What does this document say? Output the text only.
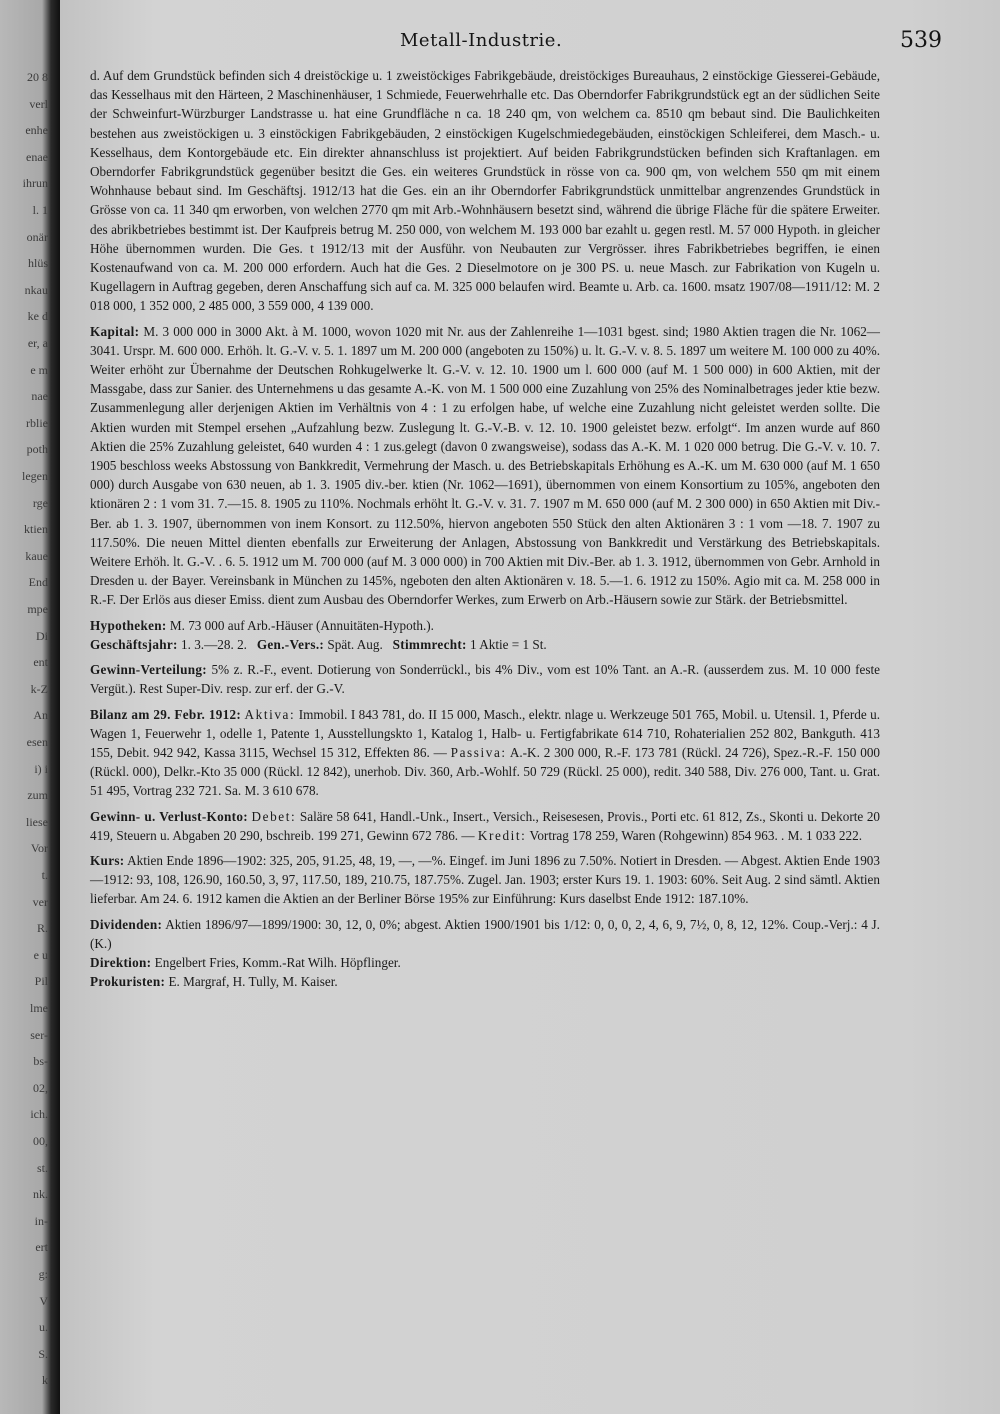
20 8
verl
enhe
enae
ihrun
l. 1
onär
hlüs
nkau
ke d
er, a
e m
nae
rblie
poth
legen
rge
ktien
kaue
End
mpe
Di
ent
k-Z
An
esen
i) i
zum
liese
Vor
t.
ver
R.
e u
Pil
lme
ser-
bs-
02,
ich.
00,
st.
nk.
in-
ert
g:
V
u.
S.
k
Metall-Industrie.	539

d. Auf dem Grundstück befinden sich 4 dreistöckige u. 1 zweistöckiges Fabrikgebäude, dreistöckiges Bureauhaus, 2 einstöckige Giesserei-Gebäude, das Kesselhaus mit den Härteen, 2 Maschinenhäuser, 1 Schmiede, Feuerwehrhalle etc. Das Oberndorfer Fabrikgrundstück egt an der südlichen Seite der Schweinfurt-Würzburger Landstrasse u. hat eine Grundfläche n ca. 18 240 qm, von welchem ca. 8510 qm bebaut sind. Die Baulichkeiten bestehen aus zweistöckigen u. 3 einstöckigen Fabrikgebäuden, 2 einstöckigen Kugelschmiedegebäuden, einstöckigen Schleiferei, dem Masch.- u. Kesselhaus, dem Kontorgebäude etc. Ein direkter ahnanschluss ist projektiert. Auf beiden Fabrikgrundstücken befinden sich Kraftanlagen. em Oberndorfer Fabrikgrundstück gegenüber besitzt die Ges. ein weiteres Grundstück in rösse von ca. 900 qm, von welchem 550 qm mit einem Wohnhause bebaut sind. Im Geschäftsj. 1912/13 hat die Ges. ein an ihr Oberndorfer Fabrikgrundstück unmittelbar angrenzendes Grundstück in Grösse von ca. 11 340 qm erworben, von welchen 2770 qm mit Arb.-Wohnhäusern besetzt sind, während die übrige Fläche für die spätere Erweiter. des abrikbetriebes bestimmt ist. Der Kaufpreis betrug M. 250 000, von welchem M. 193 000 bar ezahlt u. gegen restl. M. 57 000 Hypoth. in gleicher Höhe übernommen wurden. Die Ges. t 1912/13 mit der Ausführ. von Neubauten zur Vergrösser. ihres Fabrikbetriebes begriffen, ie einen Kostenaufwand von ca. M. 200 000 erfordern. Auch hat die Ges. 2 Dieselmotore on je 300 PS. u. neue Masch. zur Fabrikation von Kugeln u. Kugellagern in Auftrag gegeben, deren Anschaffung sich auf ca. M. 325 000 belaufen wird. Beamte u. Arb. ca. 1600. msatz 1907/08—1911/12: M. 2 018 000, 1 352 000, 2 485 000, 3 559 000, 4 139 000.

Kapital: M. 3 000 000 in 3000 Akt. à M. 1000, wovon 1020 mit Nr. aus der Zahlenreihe 1—1031 bgest. sind; 1980 Aktien tragen die Nr. 1062—3041. Urspr. M. 600 000. Erhöh. lt. G.-V. v. 5. 1. 1897 um M. 200 000 (angeboten zu 150%) u. lt. G.-V. v. 8. 5. 1897 um weitere M. 100 000 zu 40%. Weiter erhöht zur Übernahme der Deutschen Rohkugelwerke lt. G.-V. v. 12. 10. 1900 um l. 600 000 (auf M. 1 500 000) in 600 Aktien, mit der Massgabe, dass zur Sanier. des Unternehmens u das gesamte A.-K. von M. 1 500 000 eine Zuzahlung von 25% des Nominalbetrages jeder ktie bezw. Zusammenlegung aller derjenigen Aktien im Verhältnis von 4 : 1 zu erfolgen habe, uf welche eine Zuzahlung nicht geleistet werden sollte. Die Aktien wurden mit Stempel ersehen „Aufzahlung bezw. Zuslegung lt. G.-V.-B. v. 12. 10. 1900 geleistet bezw. erfolgt“. Im anzen wurde auf 860 Aktien die 25% Zuzahlung geleistet, 640 wurden 4 : 1 zus.gelegt (davon 0 zwangsweise), sodass das A.-K. M. 1 020 000 betrug. Die G.-V. v. 10. 7. 1905 beschloss weeks Abstossung von Bankkredit, Vermehrung der Masch. u. des Betriebskapitals Erhöhung es A.-K. um M. 630 000 (auf M. 1 650 000) durch Ausgabe von 630 neuen, ab 1. 3. 1905 div.-ber. ktien (Nr. 1062—1691), übernommen von einem Konsortium zu 105%, angeboten den ktionären 2 : 1 vom 31. 7.—15. 8. 1905 zu 110%. Nochmals erhöht lt. G.-V. v. 31. 7. 1907 m M. 650 000 (auf M. 2 300 000) in 650 Aktien mit Div.-Ber. ab 1. 3. 1907, übernommen von inem Konsort. zu 112.50%, hiervon angeboten 550 Stück den alten Aktionären 3 : 1 vom —18. 7. 1907 zu 117.50%. Die neuen Mittel dienten ebenfalls zur Erweiterung der Anlagen, Abstossung von Bankkredit und Verstärkung des Betriebskapitals. Weitere Erhöh. lt. G.-V. . 6. 5. 1912 um M. 700 000 (auf M. 3 000 000) in 700 Aktien mit Div.-Ber. ab 1. 3. 1912, übernommen von Gebr. Arnhold in Dresden u. der Bayer. Vereinsbank in München zu 145%, ngeboten den alten Aktionären v. 18. 5.—1. 6. 1912 zu 150%. Agio mit ca. M. 258 000 in R.-F. Der Erlös aus dieser Emiss. dient zum Ausbau des Oberndorfer Werkes, zum Erwerb on Arb.-Häusern sowie zur Stärk. der Betriebsmittel.

Hypotheken: M. 73 000 auf Arb.-Häuser (Annuitäten-Hypoth.).

Geschäftsjahr: 1. 3.—28. 2. Gen.-Vers.: Spät. Aug. Stimmrecht: 1 Aktie = 1 St.

Gewinn-Verteilung: 5% z. R.-F., event. Dotierung von Sonderrückl., bis 4% Div., vom est 10% Tant. an A.-R. (ausserdem zus. M. 10 000 feste Vergüt.). Rest Super-Div. resp. zur erf. der G.-V.

Bilanz am 29. Febr. 1912: Aktiva: Immobil. I 843 781, do. II 15 000, Masch., elektr. nlage u. Werkzeuge 501 765, Mobil. u. Utensil. 1, Pferde u. Wagen 1, Feuerwehr 1, odelle 1, Patente 1, Ausstellungskto 1, Katalog 1, Halb- u. Fertigfabrikate 614 710, Rohaterialien 252 802, Bankguth. 413 155, Debit. 942 942, Kassa 3115, Wechsel 15 312, Effekten 86. — Passiva: A.-K. 2 300 000, R.-F. 173 781 (Rückl. 24 726), Spez.-R.-F. 150 000 (Rückl. 000), Delkr.-Kto 35 000 (Rückl. 12 842), unerhob. Div. 360, Arb.-Wohlf. 50 729 (Rückl. 25 000), redit. 340 588, Div. 276 000, Tant. u. Grat. 51 495, Vortrag 232 721. Sa. M. 3 610 678.

Gewinn- u. Verlust-Konto: Debet: Saläre 58 641, Handl.-Unk., Insert., Versich., Reisesesen, Provis., Porti etc. 61 812, Zs., Skonti u. Dekorte 20 419, Steuern u. Abgaben 20 290, bschreib. 199 271, Gewinn 672 786. — Kredit: Vortrag 178 259, Waren (Rohgewinn) 854 963. . M. 1 033 222.

Kurs: Aktien Ende 1896—1902: 325, 205, 91.25, 48, 19, —, —%. Eingef. im Juni 1896 zu 7.50%. Notiert in Dresden. — Abgest. Aktien Ende 1903—1912: 93, 108, 126.90, 160.50, 3, 97, 117.50, 189, 210.75, 187.75%. Zugel. Jan. 1903; erster Kurs 19. 1. 1903: 60%. Seit Aug. 2 sind sämtl. Aktien lieferbar. Am 24. 6. 1912 kamen die Aktien an der Berliner Börse 195% zur Einführung: Kurs daselbst Ende 1912: 187.10%.

Dividenden: Aktien 1896/97—1899/1900: 30, 12, 0, 0%; abgest. Aktien 1900/1901 bis 1/12: 0, 0, 0, 2, 4, 6, 9, 7½, 0, 8, 12, 12%. Coup.-Verj.: 4 J. (K.)

Direktion: Engelbert Fries, Komm.-Rat Wilh. Höpflinger.

Prokuristen: E. Margraf, H. Tully, M. Kaiser.
